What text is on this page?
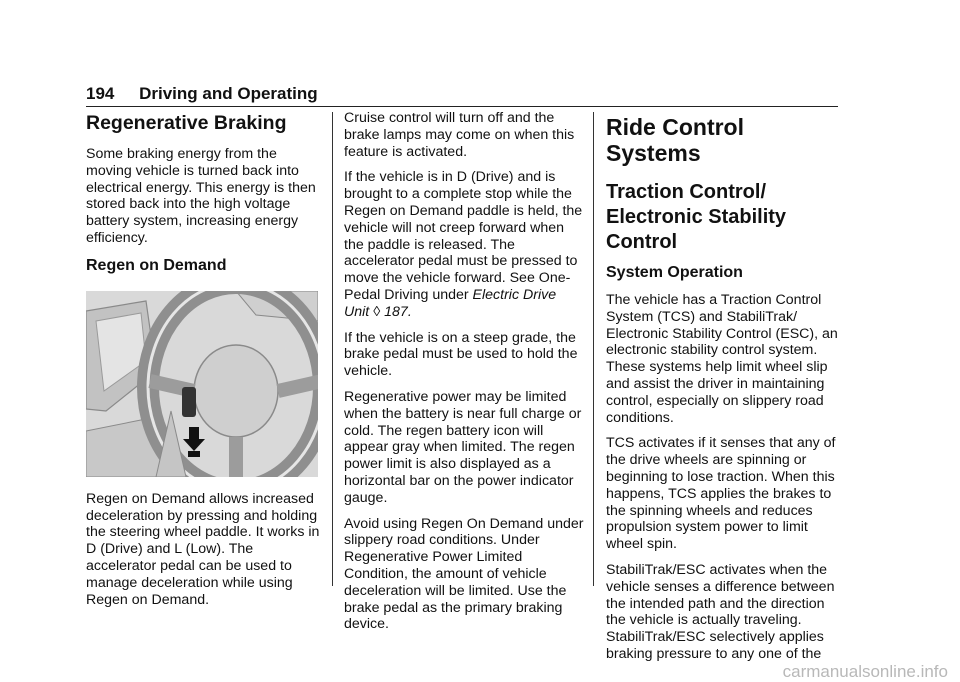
194 Driving and Operating
Regenerative Braking

Some braking energy from the moving vehicle is turned back into electrical energy. This energy is then stored back into the high voltage battery system, increasing energy efficiency.

Regen on Demand

Regen on Demand allows increased deceleration by pressing and holding the steering wheel paddle. It works in D (Drive) and L (Low). The accelerator pedal can be used to manage deceleration while using Regen on Demand.

Cruise control will turn off and the brake lamps may come on when this feature is activated.

If the vehicle is in D (Drive) and is brought to a complete stop while the Regen on Demand paddle is held, the vehicle will not creep forward when the paddle is released. The accelerator pedal must be pressed to move the vehicle forward. See One-Pedal Driving under Electric Drive Unit ◊ 187.

If the vehicle is on a steep grade, the brake pedal must be used to hold the vehicle.

Regenerative power may be limited when the battery is near full charge or cold. The regen battery icon will appear gray when limited. The regen power limit is also displayed as a horizontal bar on the power indicator gauge.

Avoid using Regen On Demand under slippery road conditions. Under Regenerative Power Limited Condition, the amount of vehicle deceleration will be limited. Use the brake pedal as the primary braking device.

Ride Control Systems
Traction Control/
Electronic Stability
Control
System Operation

The vehicle has a Traction Control System (TCS) and StabiliTrak/ Electronic Stability Control (ESC), an electronic stability control system. These systems help limit wheel slip and assist the driver in maintaining control, especially on slippery road conditions.

TCS activates if it senses that any of the drive wheels are spinning or beginning to lose traction. When this happens, TCS applies the brakes to the spinning wheels and reduces propulsion system power to limit wheel spin.

StabiliTrak/ESC activates when the vehicle senses a difference between the intended path and the direction the vehicle is actually traveling. StabiliTrak/ESC selectively applies braking pressure to any one of the

carmanualsonline.info
